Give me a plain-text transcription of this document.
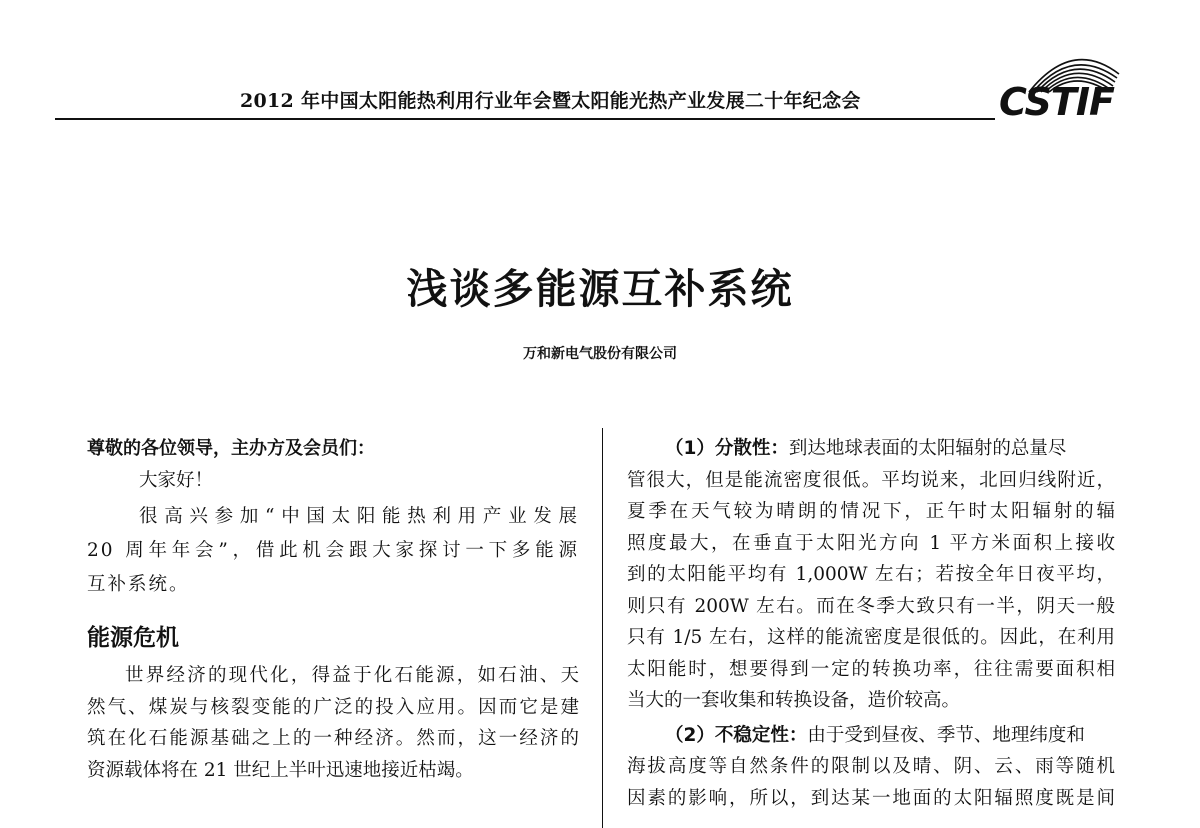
2012 年中国太阳能热利用行业年会暨太阳能光热产业发展二十年纪念会	CSTIF
浅谈多能源互补系统
万和新电气股份有限公司
尊敬的各位领导，主办方及会员们：
大家好！
很高兴参加“中国太阳能热利用产业发展
20 周年年会”，借此机会跟大家探讨一下多能源
互补系统。
能源危机
世界经济的现代化，得益于化石能源，如石油、天
然气、煤炭与核裂变能的广泛的投入应用。因而它是建
筑在化石能源基础之上的一种经济。然而，这一经济的
资源载体将在 21 世纪上半叶迅速地接近枯竭。
（1）分散性：到达地球表面的太阳辐射的总量尽
管很大，但是能流密度很低。平均说来，北回归线附近，
夏季在天气较为晴朗的情况下，正午时太阳辐射的辐
照度最大，在垂直于太阳光方向 1 平方米面积上接收
到的太阳能平均有 1,000W 左右；若按全年日夜平均，
则只有 200W 左右。而在冬季大致只有一半，阴天一般
只有 1/5 左右，这样的能流密度是很低的。因此，在利用
太阳能时，想要得到一定的转换功率，往往需要面积相
当大的一套收集和转换设备，造价较高。
（2）不稳定性：由于受到昼夜、季节、地理纬度和
海拔高度等自然条件的限制以及晴、阴、云、雨等随机
因素的影响，所以，到达某一地面的太阳辐照度既是间
